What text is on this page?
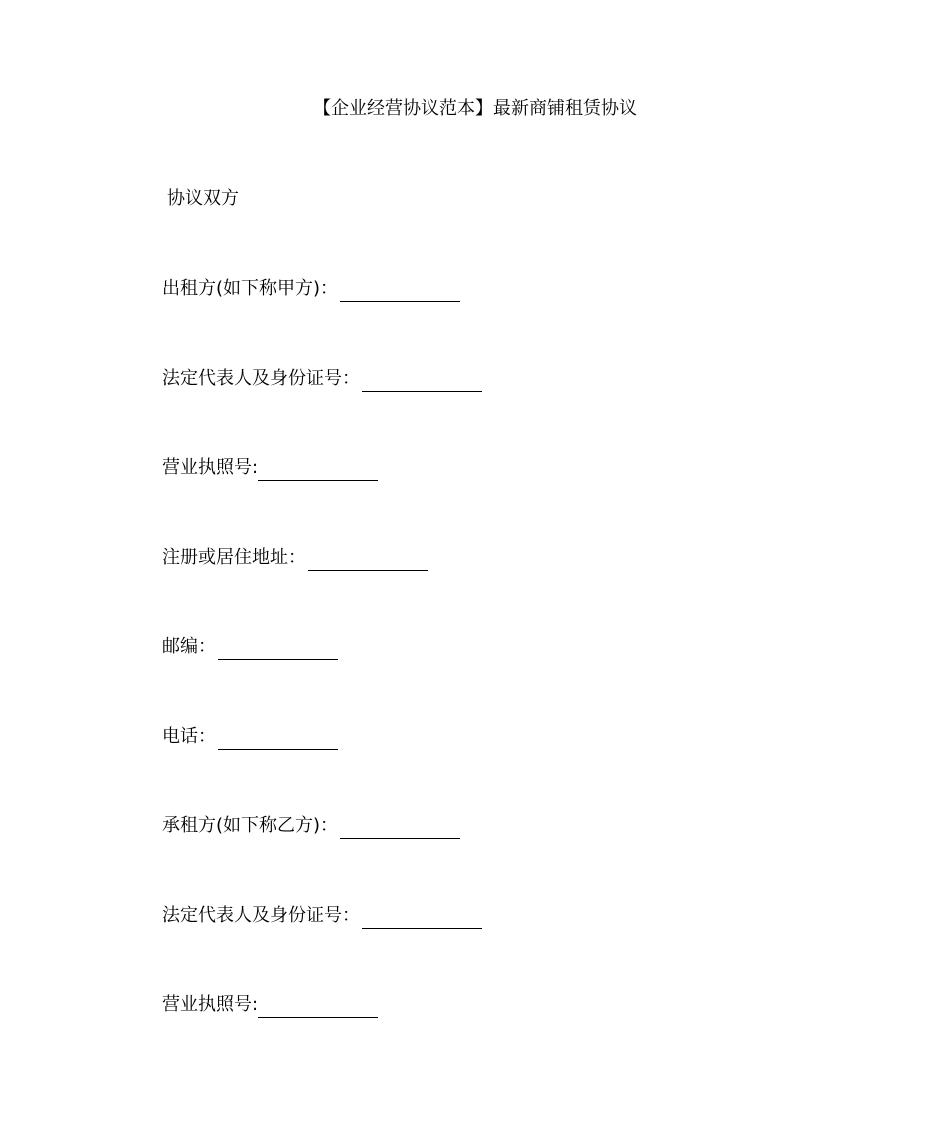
【企业经营协议范本】最新商铺租赁协议
协议双方
出租方(如下称甲方)：
法定代表人及身份证号：
营业执照号:
注册或居住地址：
邮编：
电话：
承租方(如下称乙方)：
法定代表人及身份证号：
营业执照号:
